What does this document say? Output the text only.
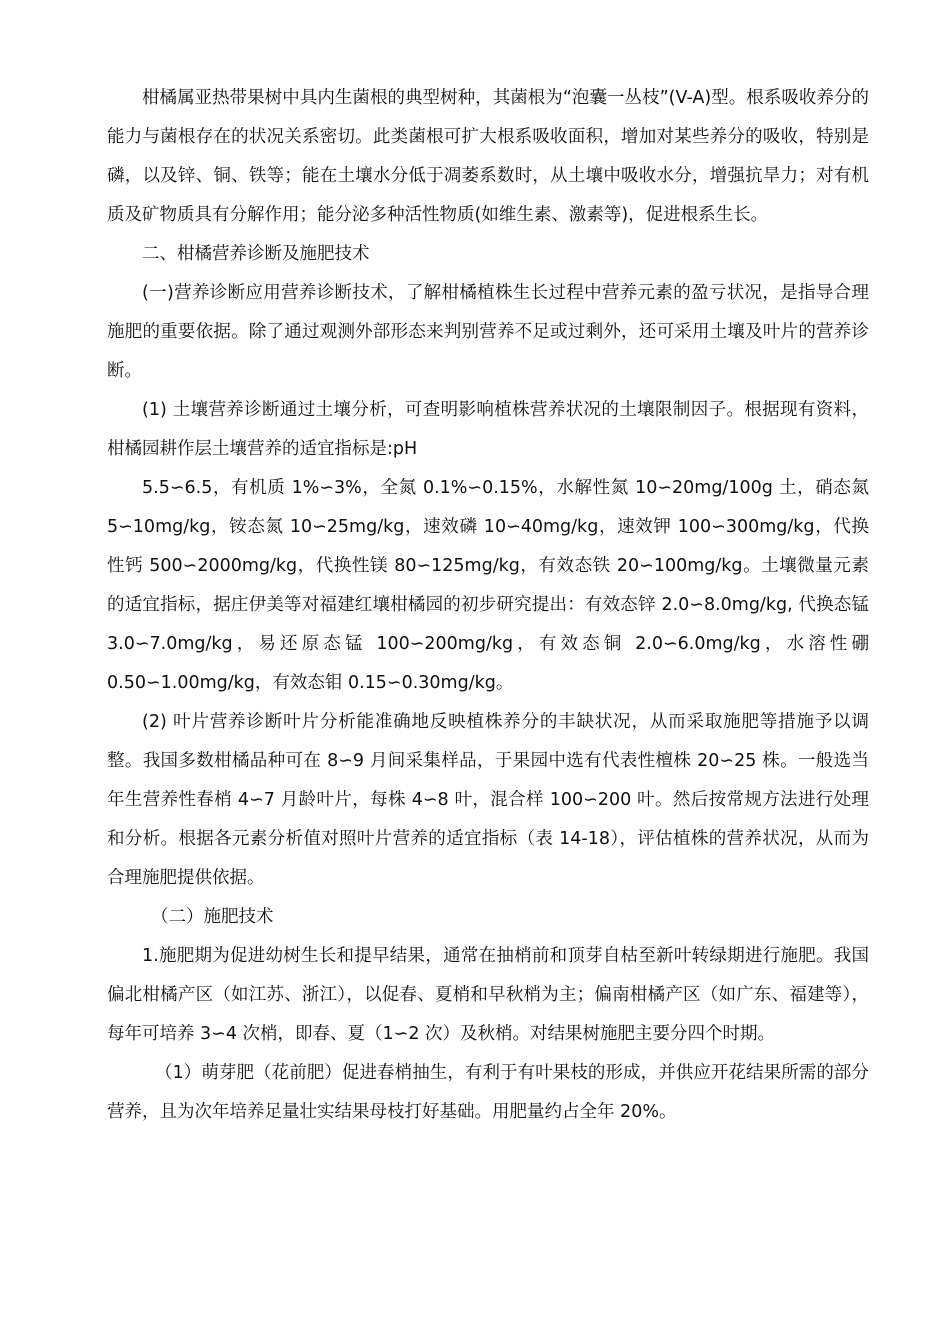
柑橘属亚热带果树中具内生菌根的典型树种，其菌根为“泡囊一丛枝”(V-A)型。根系吸收养分的能力与菌根存在的状况关系密切。此类菌根可扩大根系吸收面积，增加对某些养分的吸收，特别是磷，以及锌、铜、铁等；能在土壤水分低于凋萎系数时，从土壤中吸收水分，增强抗旱力；对有机质及矿物质具有分解作用；能分泌多种活性物质(如维生素、激素等)，促进根系生长。

二、柑橘营养诊断及施肥技术

(一)营养诊断应用营养诊断技术，了解柑橘植株生长过程中营养元素的盈亏状况，是指导合理施肥的重要依据。除了通过观测外部形态来判别营养不足或过剩外，还可采用土壤及叶片的营养诊断。

(1) 土壤营养诊断通过土壤分析，可查明影响植株营养状况的土壤限制因子。根据现有资料，柑橘园耕作层土壤营养的适宜指标是:pH

5.5∽6.5，有机质 1%∽3%，全氮 0.1%∽0.15%，水解性氮 10∽20mg/100g 土，硝态氮 5∽10mg/kg，铵态氮 10∽25mg/kg，速效磷 10∽40mg/kg，速效钾 100∽300mg/kg，代换性钙 500∽2000mg/kg，代换性镁 80∽125mg/kg，有效态铁 20∽100mg/kg。土壤微量元素的适宜指标，据庄伊美等对福建红壤柑橘园的初步研究提出：有效态锌 2.0∽8.0mg/kg, 代换态锰 3.0∽7.0mg/kg，易还原态锰 100∽200mg/kg，有效态铜 2.0∽6.0mg/kg，水溶性硼 0.50∽1.00mg/kg，有效态钼 0.15∽0.30mg/kg。

(2) 叶片营养诊断叶片分析能准确地反映植株养分的丰缺状况，从而采取施肥等措施予以调整。我国多数柑橘品种可在 8∽9 月间采集样品，于果园中选有代表性檀株 20∽25 株。一般选当年生营养性春梢 4∽7 月龄叶片，每株 4∽8 叶，混合样 100∽200 叶。然后按常规方法进行处理和分析。根据各元素分析值对照叶片营养的适宜指标（表 14-18），评估植株的营养状况，从而为合理施肥提供依据。

（二）施肥技术

1.施肥期为促进幼树生长和提早结果，通常在抽梢前和顶芽自枯至新叶转绿期进行施肥。我国偏北柑橘产区（如江苏、浙江），以促春、夏梢和早秋梢为主；偏南柑橘产区（如广东、福建等），每年可培养 3∽4 次梢，即春、夏（1∽2 次）及秋梢。对结果树施肥主要分四个时期。

（1）萌芽肥（花前肥）促进春梢抽生，有利于有叶果枝的形成，并供应开花结果所需的部分营养，且为次年培养足量壮实结果母枝打好基础。用肥量约占全年 20%。
